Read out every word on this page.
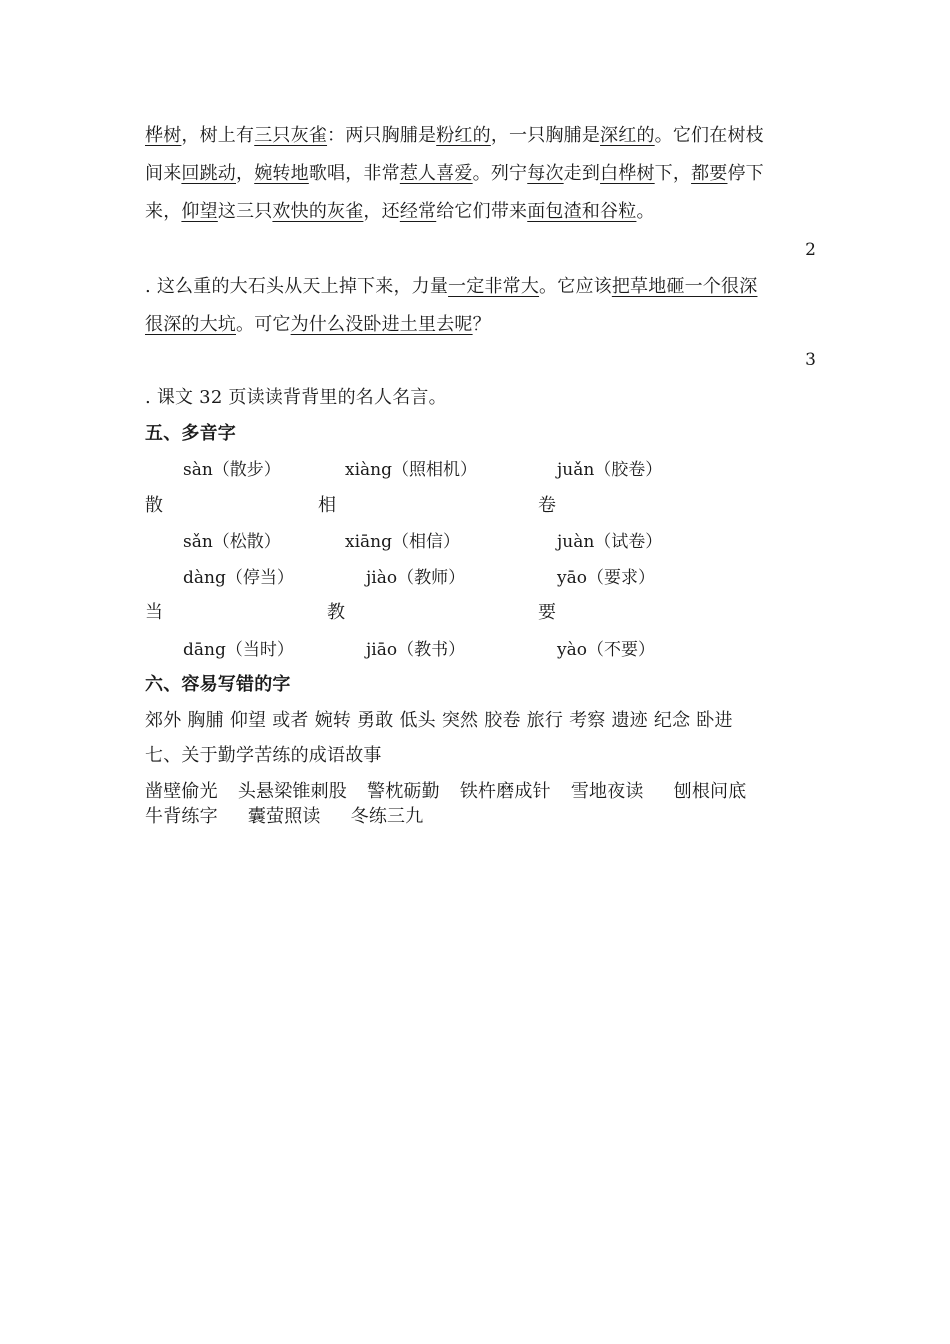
桦树，树上有三只灰雀：两只胸脯是粉红的，一只胸脯是深红的。它们在树枝
间来回跳动，婉转地歌唱，非常惹人喜爱。列宁每次走到白桦树下，都要停下
来，仰望这三只欢快的灰雀，还经常给它们带来面包渣和谷粒。
2
. 这么重的大石头从天上掉下来，力量一定非常大。它应该把草地砸一个很深
很深的大坑。可它为什么没卧进土里去呢？
3
. 课文 32 页读读背背里的名人名言。
五、多音字
sàn（散步）	xiàng（照相机）	juǎn（胶卷）
散	相	卷
sǎn（松散）	xiāng（相信）	juàn（试卷）
dàng（停当）	jiào（教师）	yāo（要求）
当	教	要
dāng（当时）	jiāo（教书）	yào（不要）
六、容易写错的字
郊外 胸脯 仰望 或者 婉转 勇敢 低头 突然 胶卷 旅行 考察 遗迹 纪念 卧进
七、关于勤学苦练的成语故事
凿壁偷光 头悬梁锥刺股 警枕砺勤 铁杵磨成针 雪地夜读 刨根问底
牛背练字 囊萤照读 冬练三九
